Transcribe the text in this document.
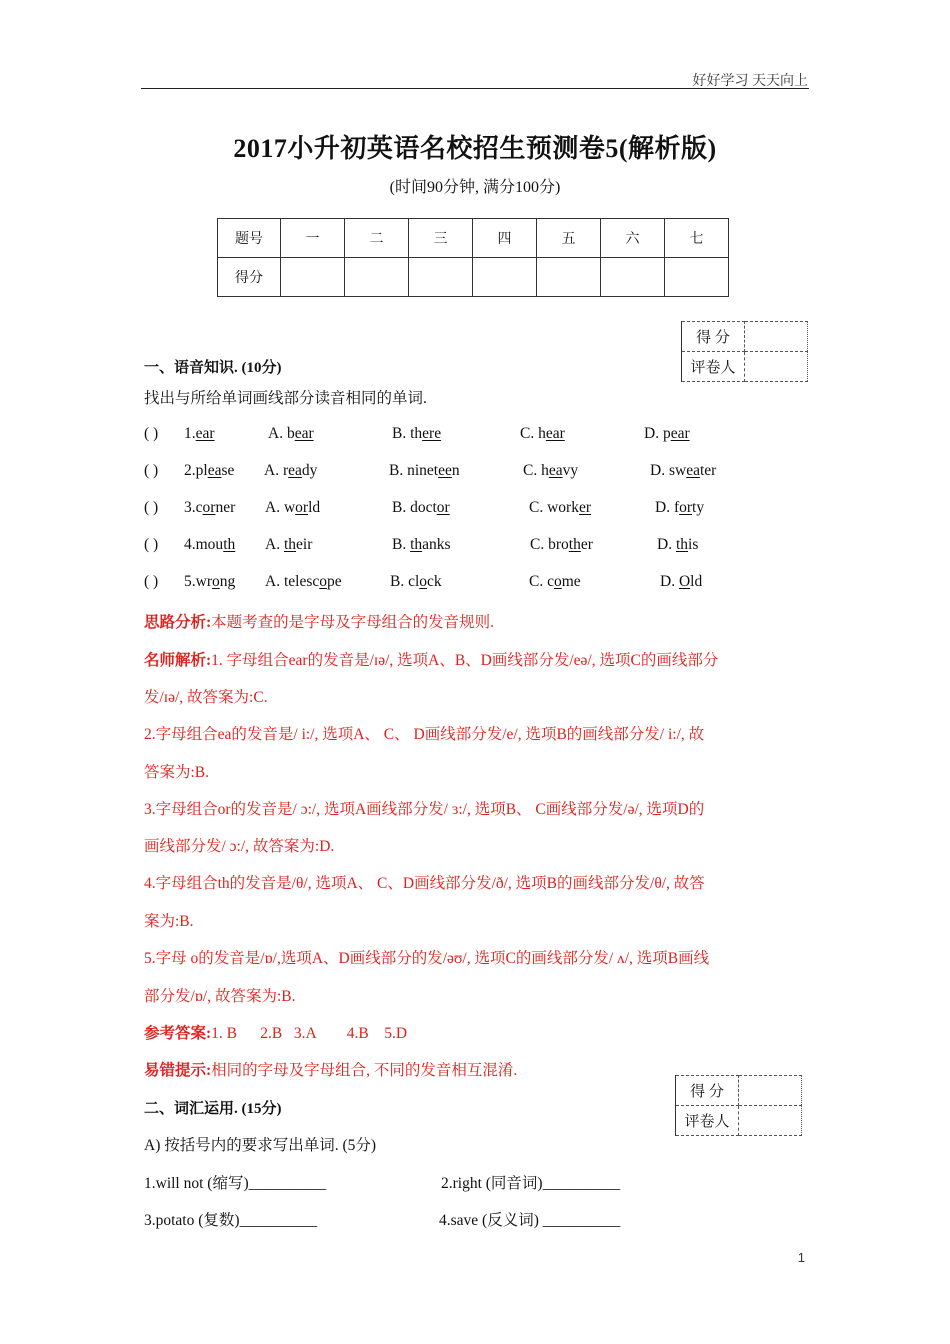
好好学习 天天向上
2017小升初英语名校招生预测卷5(解析版)
(时间90分钟, 满分100分)
题号	一	二	三	四	五	六	七
得分							
得 分	
评卷人	
一、语音知识. (10分)
找出与所给单词画线部分读音相同的单词.
( ) 1.ear	A. bear	B. there	C. hear	D. pear
( ) 2.please A. ready	B. nineteen	C. heavy	D. sweater
( ) 3.corner A. world	B. doctor	C. worker	D. forty
( ) 4.mouth A. their	B. thanks	C. brother	D. this
( ) 5.wrong A. telescope	B. clock	C. come	D. Old
思路分析:本题考查的是字母及字母组合的发音规则.
名师解析:1. 字母组合ear的发音是/ɪə/, 选项A、B、D画线部分发/eə/, 选项C的画线部分
发/ɪə/, 故答案为:C.
2.字母组合ea的发音是/ i:/, 选项A、 C、 D画线部分发/e/, 选项B的画线部分发/ i:/, 故
答案为:B.
3.字母组合or的发音是/ ɔ:/, 选项A画线部分发/ ɜ:/, 选项B、 C画线部分发/ə/, 选项D的
画线部分发/ ɔ:/, 故答案为:D.
4.字母组合th的发音是/θ/, 选项A、 C、D画线部分发/ð/, 选项B的画线部分发/θ/, 故答
案为:B.
5.字母 o的发音是/ɒ/,选项A、D画线部分的发/əʊ/, 选项C的画线部分发/ ʌ/, 选项B画线
部分发/ɒ/, 故答案为:B.
参考答案:1. B      2.B   3.A        4.B    5.D
易错提示:相同的字母及字母组合, 不同的发音相互混淆.
得 分	
评卷人	
二、词汇运用. (15分)
A) 按括号内的要求写出单词. (5分)
1.will not (缩写)__________	2.right (同音词)__________
3.potato (复数)__________	4.save (反义词) __________
1
